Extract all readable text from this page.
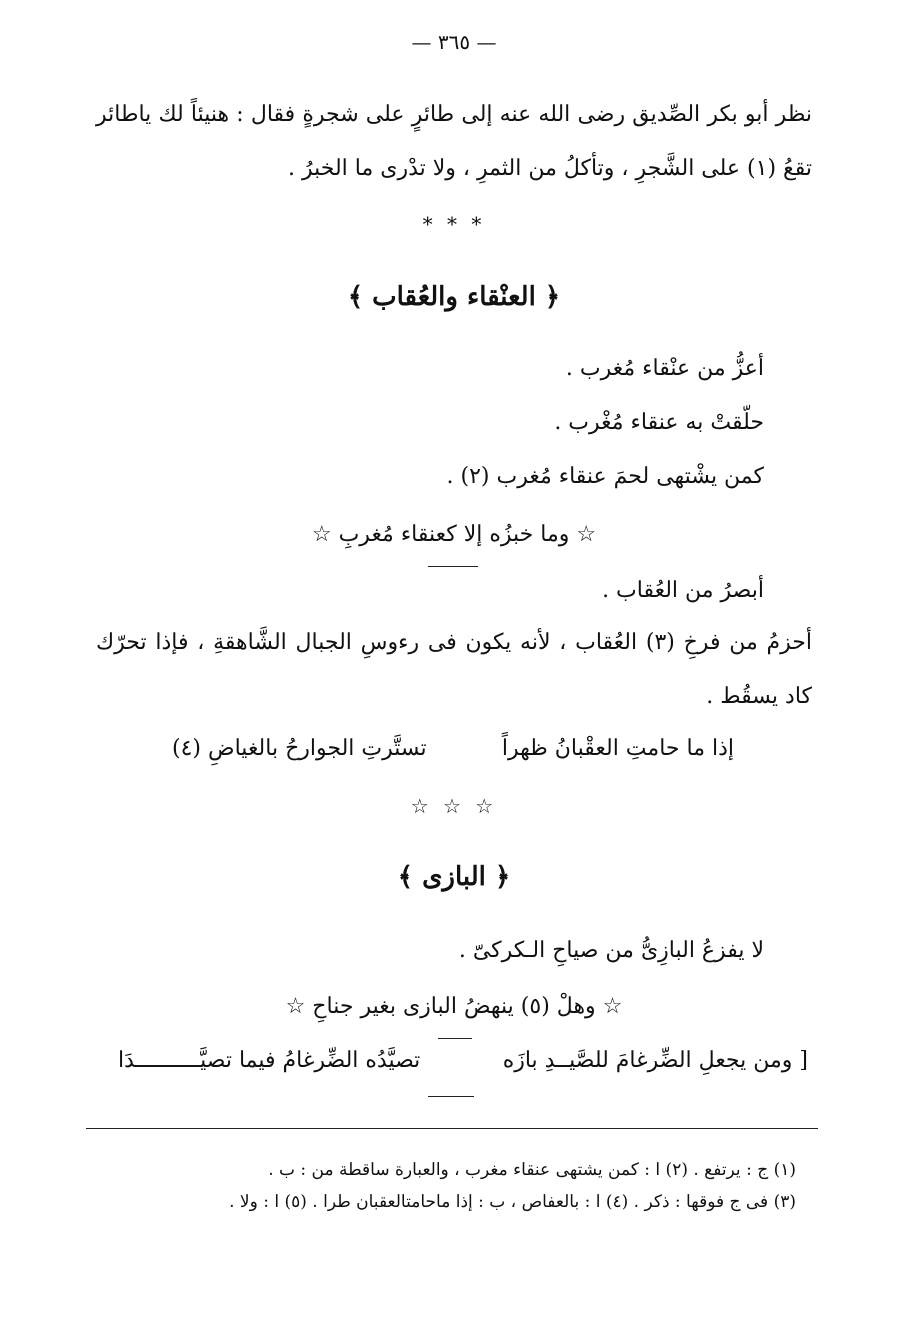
— ٣٦٥ —
نظر أبو بكر الصِّديق رضى الله عنه إلى طائرٍ على شجرةٍ فقال : هنيئاً لك ياطائر
تقعُ (١) على الشَّجرِ ، وتأكلُ من الثمرِ ، ولا تدْرى ما الخبرُ .
* * *
﴿ العنْقاء والعُقاب ﴾
أعزُّ من عنْقاء مُغرب .
حلّقتْ به عنقاء مُغْرب .
كمن يشْتهى لحمَ عنقاء مُغرب (٢) .
☆ وما خبزُه إلا كعنقاء مُغربِ ☆
أبصرُ من العُقاب .
أحزمُ من فرخِ (٣) العُقاب ، لأنه يكون فى رءوسِ الجبال الشَّاهقةِ ، فإذا تحرّك
كاد يسقُط .
إذا ما حامتِ العقْبانُ ظهراً
تستَّرتِ الجوارحُ بالغياضِ (٤)
☆ ☆ ☆
﴿ البازى ﴾
لا يفزعُ البازِىُّ من صياحِ الـكركىّ .
☆ وهلْ (٥) ينهضُ البازى بغير جناحِ ☆
[ ومن يجعلِ الضِّرغامَ للصَّيــدِ بازَه
تصيَّدُه الضِّرغامُ فيما تصيَّــــــــــدَا
(١) ج : يرتفع . (٢) ا : كمن يشتهى عنقاء مغرب ، والعبارة ساقطة من : ب .
(٣) فى ج فوقها : ذكر . (٤) ا : بالعفاص ، ب : إذا ماحامتالعقبان طرا . (٥) ا : ولا .
